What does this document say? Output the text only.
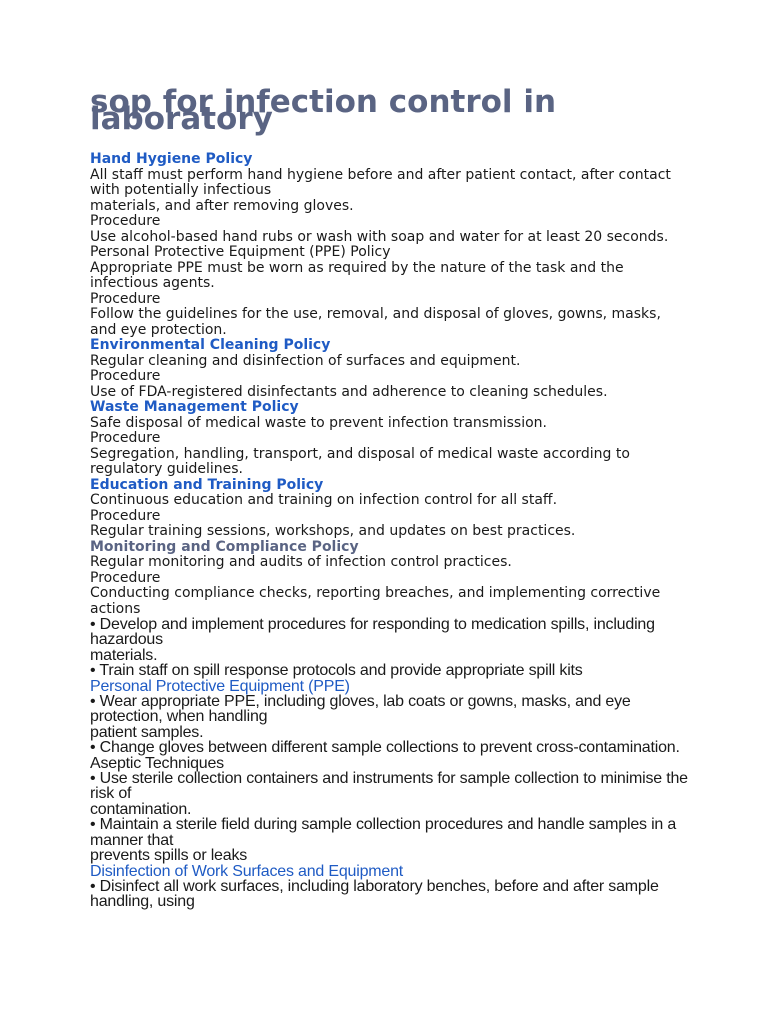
sop for infection control in laboratory

Hand Hygiene Policy

All staff must perform hand hygiene before and after patient contact, after contact with potentially infectious

materials, and after removing gloves.

Procedure

Use alcohol-based hand rubs or wash with soap and water for at least 20 seconds.

Personal Protective Equipment (PPE) Policy

Appropriate PPE must be worn as required by the nature of the task and the infectious agents.

Procedure

Follow the guidelines for the use, removal, and disposal of gloves, gowns, masks, and eye protection.

Environmental Cleaning Policy

Regular cleaning and disinfection of surfaces and equipment.

Procedure

Use of FDA-registered disinfectants and adherence to cleaning schedules.

Waste Management Policy

Safe disposal of medical waste to prevent infection transmission.

Procedure

Segregation, handling, transport, and disposal of medical waste according to regulatory guidelines.

Education and Training Policy

Continuous education and training on infection control for all staff.

Procedure

Regular training sessions, workshops, and updates on best practices.

Monitoring and Compliance Policy

Regular monitoring and audits of infection control practices.

Procedure

Conducting compliance checks, reporting breaches, and implementing corrective actions

• Develop and implement procedures for responding to medication spills, including hazardous

materials.

• Train staff on spill response protocols and provide appropriate spill kits

Personal Protective Equipment (PPE)

• Wear appropriate PPE, including gloves, lab coats or gowns, masks, and eye protection, when handling

patient samples.

• Change gloves between different sample collections to prevent cross-contamination.

Aseptic Techniques

• Use sterile collection containers and instruments for sample collection to minimise the risk of

contamination.

• Maintain a sterile field during sample collection procedures and handle samples in a manner that

prevents spills or leaks

Disinfection of Work Surfaces and Equipment

• Disinfect all work surfaces, including laboratory benches, before and after sample handling, using
